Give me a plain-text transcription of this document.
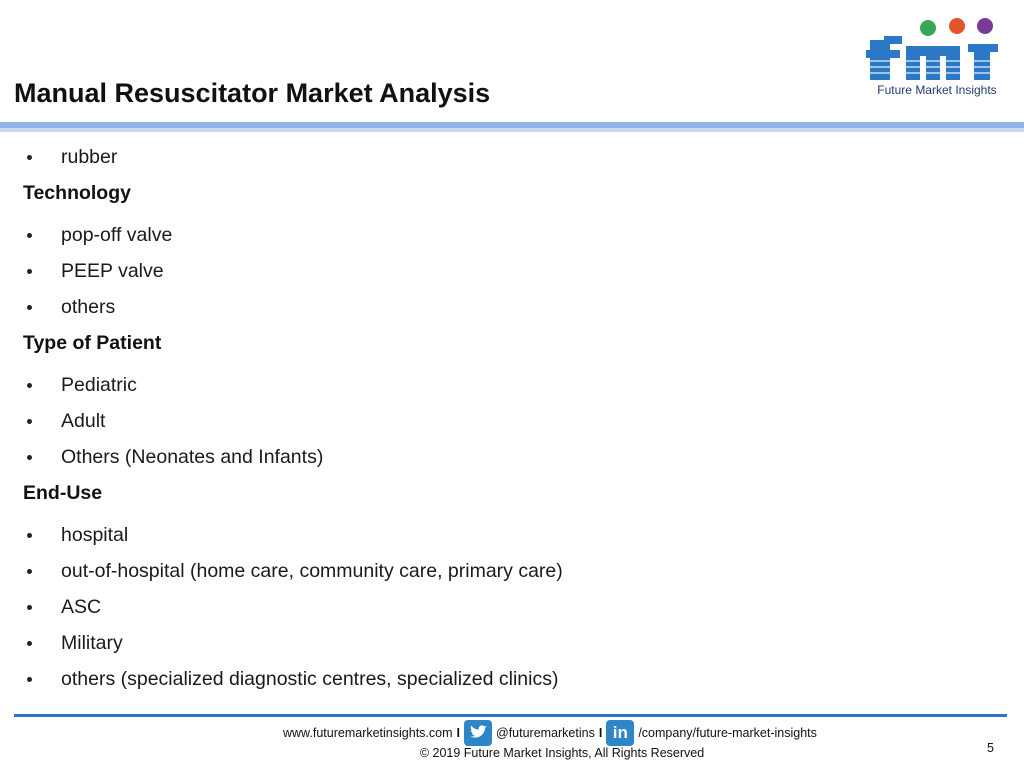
Manual Resuscitator Market Analysis	Future Market Insights
rubber
Technology
pop-off valve
PEEP valve
others
Type of Patient
Pediatric
Adult
Others (Neonates and Infants)
End-Use
hospital
out-of-hospital (home care, community care, primary care)
ASC
Military
others (specialized diagnostic centres, specialized clinics)
www.futuremarketinsights.com I	@futuremarketins I in /company/future-market-insights
© 2019 Future Market Insights, All Rights Reserved	5
